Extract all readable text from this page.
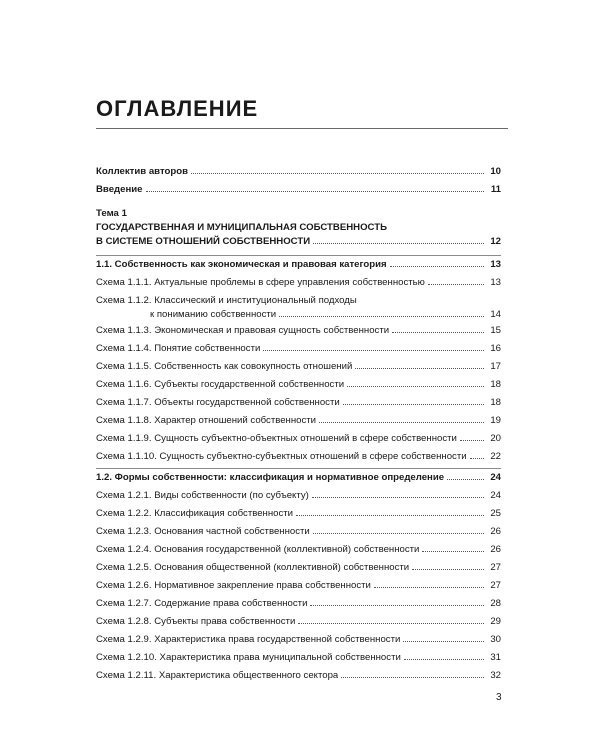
ОГЛАВЛЕНИЕ
Коллектив авторов	10
Введение	11
Тема 1
ГОСУДАРСТВЕННАЯ И МУНИЦИПАЛЬНАЯ СОБСТВЕННОСТЬ
В СИСТЕМЕ ОТНОШЕНИЙ СОБСТВЕННОСТИ	12
1.1. Собственность как экономическая и правовая категория	13
Схема 1.1.1. Актуальные проблемы в сфере управления собственностью	13
Схема 1.1.2. Классический и институциональный подходы
к пониманию собственности	14
Схема 1.1.3. Экономическая и правовая сущность собственности	15
Схема 1.1.4. Понятие собственности	16
Схема 1.1.5. Собственность как совокупность отношений	17
Схема 1.1.6. Субъекты государственной собственности	18
Схема 1.1.7. Объекты государственной собственности	18
Схема 1.1.8. Характер отношений собственности	19
Схема 1.1.9. Сущность субъектно-объектных отношений в сфере собственности	20
Схема 1.1.10. Сущность субъектно-субъектных отношений в сфере собственности	22
1.2. Формы собственности: классификация и нормативное определение	24
Схема 1.2.1. Виды собственности (по субъекту)	24
Схема 1.2.2. Классификация собственности	25
Схема 1.2.3. Основания частной собственности	26
Схема 1.2.4. Основания государственной (коллективной) собственности	26
Схема 1.2.5. Основания общественной (коллективной) собственности	27
Схема 1.2.6. Нормативное закрепление права собственности	27
Схема 1.2.7. Содержание права собственности	28
Схема 1.2.8. Субъекты права собственности	29
Схема 1.2.9. Характеристика права государственной собственности	30
Схема 1.2.10. Характеристика права муниципальной собственности	31
Схема 1.2.11. Характеристика общественного сектора	32
3
